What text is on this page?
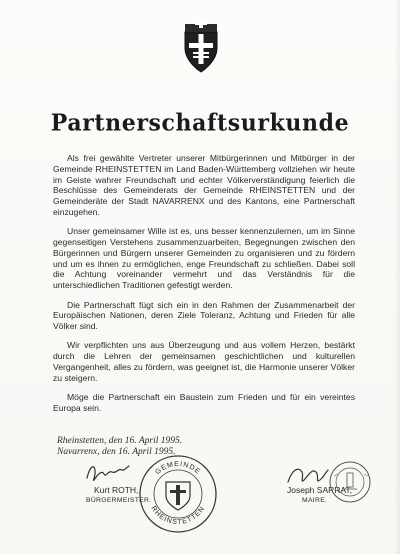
Partnerschaftsurkunde

Als frei gewählte Vertreter unserer Mitbürgerinnen und Mitbürger in der Gemeinde RHEINSTETTEN im Land Baden-Württemberg vollziehen wir heute im Geiste wahrer Freundschaft und echter Völkerverständigung feierlich die Beschlüsse des Gemeinderats der Gemeinde RHEINSTETTEN und der Gemeinderäte der Stadt NAVARRENX und des Kantons, eine Partnerschaft einzugehen.

Unser gemeinsamer Wille ist es, uns besser kennenzulernen, um im Sinne gegenseitigen Verstehens zusammenzuarbeiten, Begegnungen zwischen den Bürgerinnen und Bürgern unserer Gemeinden zu organisieren und zu fördern und um es ihnen zu ermöglichen, enge Freundschaft zu schließen. Dabei soll die Achtung voreinander vermehrt und das Verständnis für die unterschiedlichen Traditionen gefestigt werden.

Die Partnerschaft fügt sich ein in den Rahmen der Zusammenarbeit der Europäischen Nationen, deren Ziele Toleranz, Achtung und Frieden für alle Völker sind.

Wir verpflichten uns aus Überzeugung und aus vollem Herzen, bestärkt durch die Lehren der gemeinsamen geschichtlichen und kulturellen Vergangenheit, alles zu fördern, was geeignet ist, die Harmonie unserer Völker zu steigern.

Möge die Partnerschaft ein Baustein zum Frieden und für ein vereintes Europa sein.

Rheinstetten, den 16. April 1995.
Navarrenx, den 16. April 1995.
Kurt ROTH,
BÜRGERMEISTER.
Joseph SARRAT,
MAIRE.
GEMEINDE
RHEINSTETTEN
